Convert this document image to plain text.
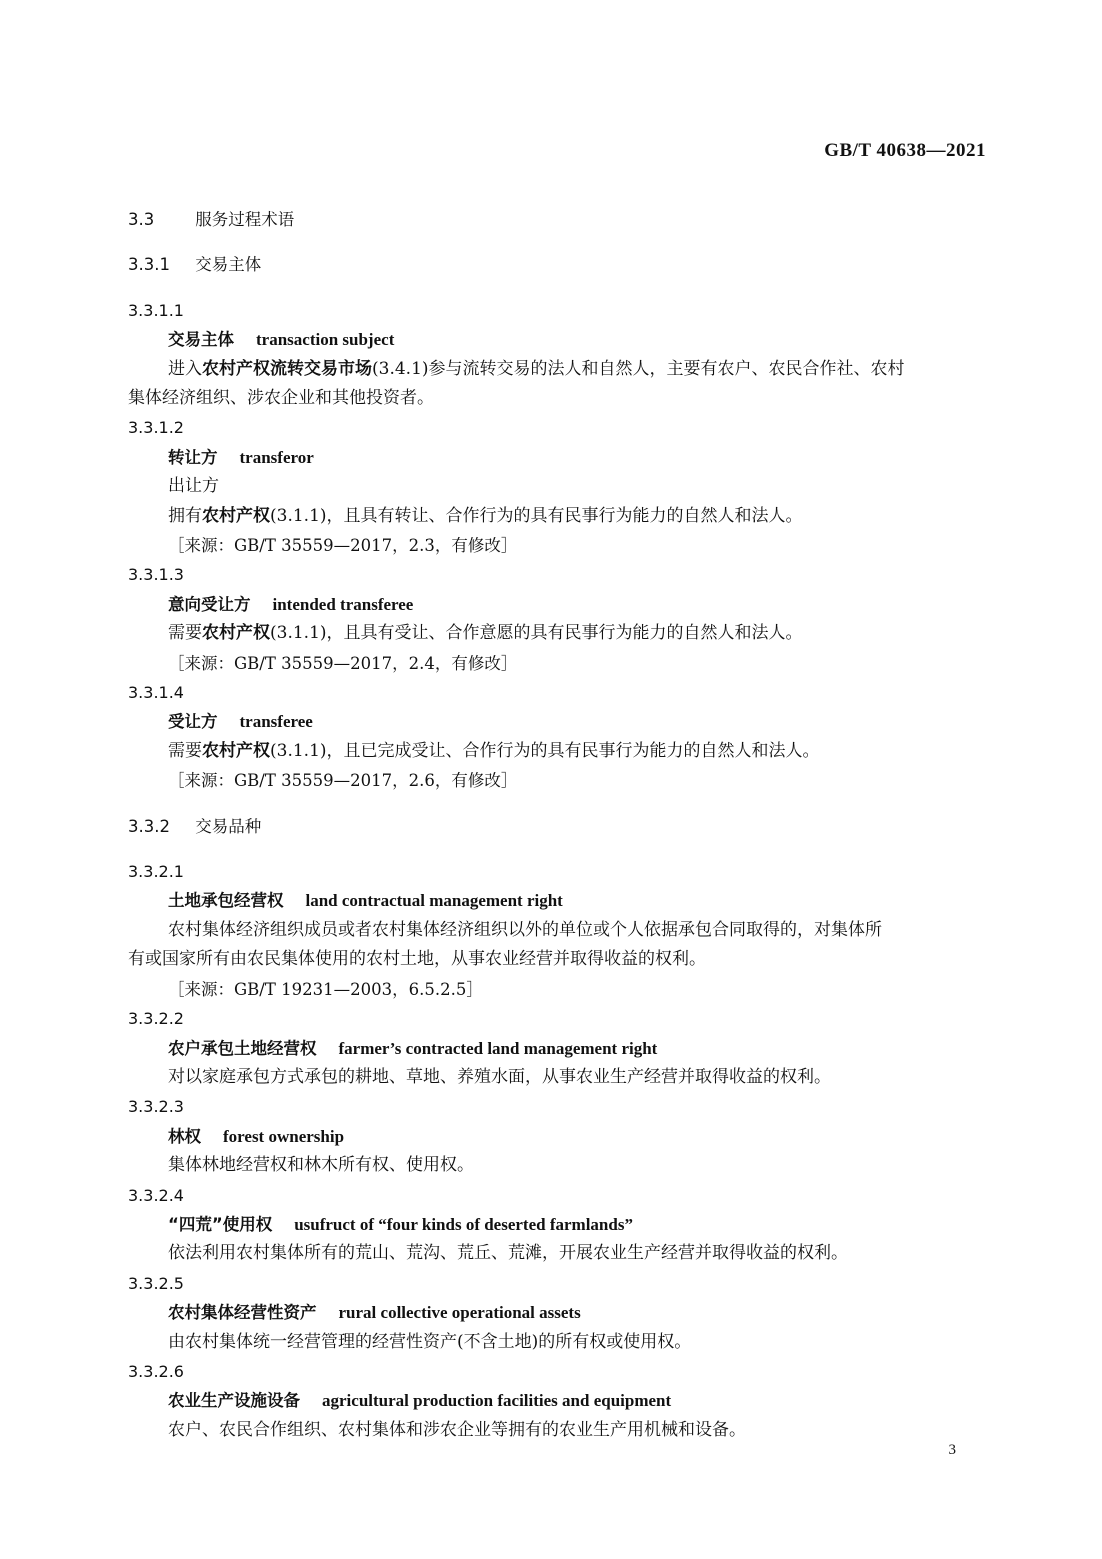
GB/T 40638—2021
3.3 服务过程术语
3.3.1 交易主体
3.3.1.1
交易主体 transaction subject
进入农村产权流转交易市场(3.4.1)参与流转交易的法人和自然人，主要有农户、农民合作社、农村
集体经济组织、涉农企业和其他投资者。
3.3.1.2
转让方 transferor
出让方
拥有农村产权(3.1.1)，且具有转让、合作行为的具有民事行为能力的自然人和法人。
［来源：GB/T 35559—2017，2.3，有修改］
3.3.1.3
意向受让方 intended transferee
需要农村产权(3.1.1)，且具有受让、合作意愿的具有民事行为能力的自然人和法人。
［来源：GB/T 35559—2017，2.4，有修改］
3.3.1.4
受让方 transferee
需要农村产权(3.1.1)，且已完成受让、合作行为的具有民事行为能力的自然人和法人。
［来源：GB/T 35559—2017，2.6，有修改］
3.3.2 交易品种
3.3.2.1
土地承包经营权 land contractual management right
农村集体经济组织成员或者农村集体经济组织以外的单位或个人依据承包合同取得的，对集体所
有或国家所有由农民集体使用的农村土地，从事农业经营并取得收益的权利。
［来源：GB/T 19231—2003，6.5.2.5］
3.3.2.2
农户承包土地经营权 farmer’s contracted land management right
对以家庭承包方式承包的耕地、草地、养殖水面，从事农业生产经营并取得收益的权利。
3.3.2.3
林权 forest ownership
集体林地经营权和林木所有权、使用权。
3.3.2.4
“四荒”使用权 usufruct of “four kinds of deserted farmlands”
依法利用农村集体所有的荒山、荒沟、荒丘、荒滩，开展农业生产经营并取得收益的权利。
3.3.2.5
农村集体经营性资产 rural collective operational assets
由农村集体统一经营管理的经营性资产(不含土地)的所有权或使用权。
3.3.2.6
农业生产设施设备 agricultural production facilities and equipment
农户、农民合作组织、农村集体和涉农企业等拥有的农业生产用机械和设备。
3
